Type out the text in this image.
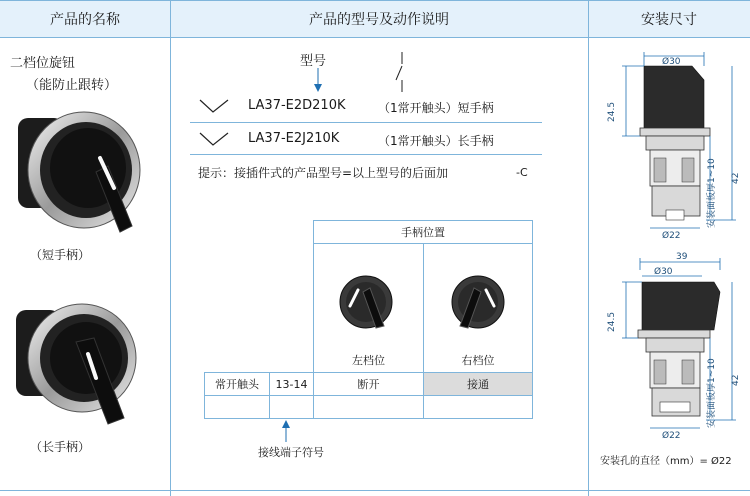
产品的名称	产品的型号及动作说明	安装尺寸
二档位旋钮
（能防止跟转）
（短手柄）
（长手柄）
型号
LA37-E2D210K	（1常开触头）短手柄
LA37-E2J210K	（1常开触头）长手柄
提示：接插件式的产品型号=以上型号的后面加	-C
手柄位置
左档位	右档位
常开触头 13-14	断开	接通
接线端子符号
Ø30
24.5
安装面板厚1~10 42
Ø22
39
Ø30
24.5
安装面板厚1~10 42
Ø22
安装孔的直径（mm）= Ø22
